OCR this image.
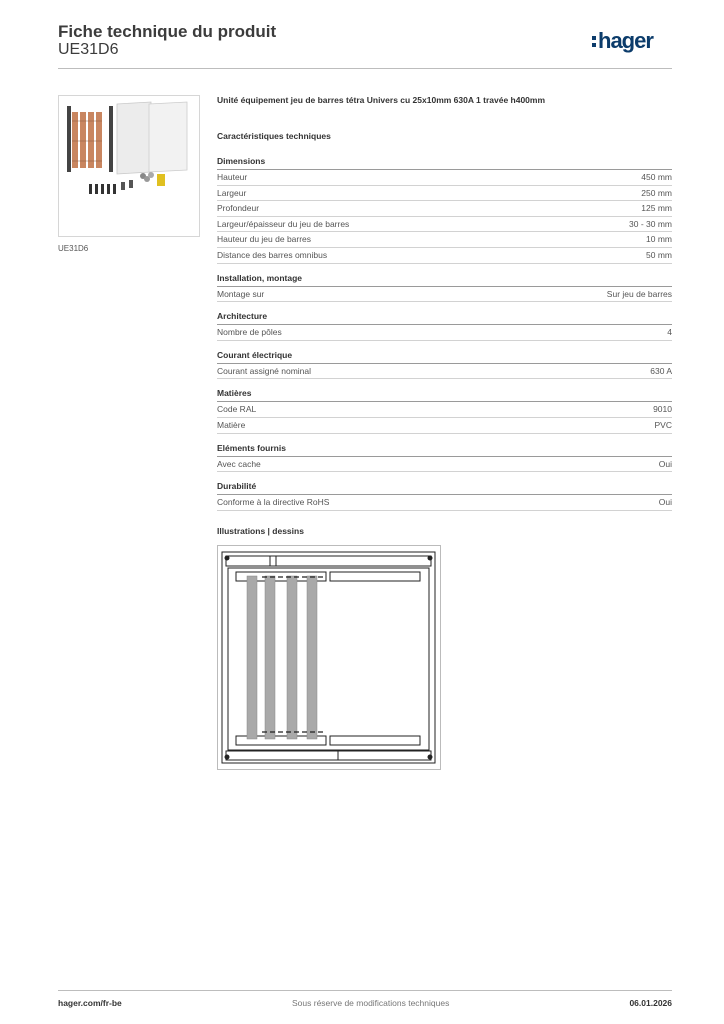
Fiche technique du produit
UE31D6	hager
UE31D6

Unité équipement jeu de barres tétra Univers cu 25x10mm 630A 1 travée h400mm

Caractéristiques techniques
Dimensions
Hauteur	450 mm
Largeur	250 mm
Profondeur	125 mm
Largeur/épaisseur du jeu de barres	30 - 30 mm
Hauteur du jeu de barres	10 mm
Distance des barres omnibus	50 mm
Installation, montage
Montage sur	Sur jeu de barres
Architecture
Nombre de pôles	4
Courant électrique
Courant assigné nominal	630 A
Matières
Code RAL	9010
Matière	PVC
Eléments fournis
Avec cache	Oui
Durabilité
Conforme à la directive RoHS	Oui
Illustrations | dessins
hager.com/fr-be	Sous réserve de modifications techniques	06.01.2026
